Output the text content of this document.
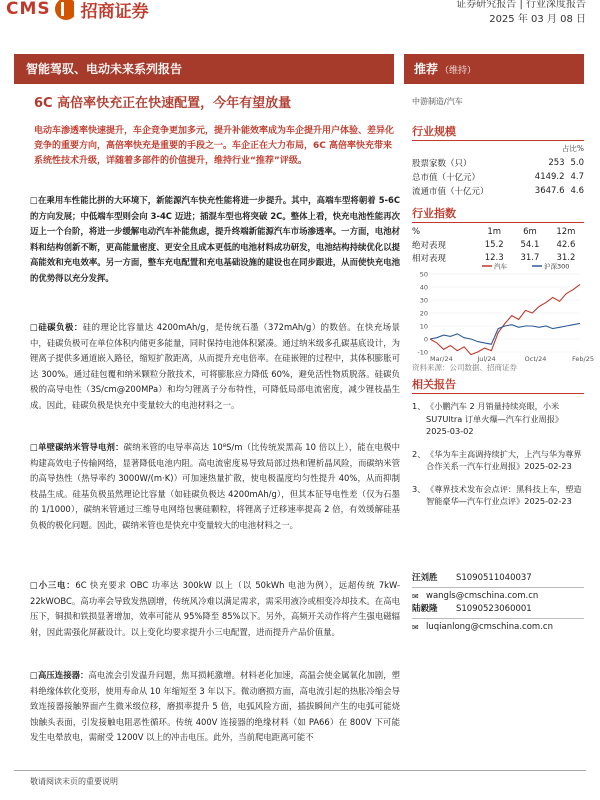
CMS 招商证券	证券研究报告 | 行业深度报告
2025 年 03 月 08 日
智能驾驭、电动未来系列报告	推荐 （维持）
中游制造/汽车
6C 高倍率快充正在快速配置，今年有望放量
电动车渗透率快速提升，车企竞争更加多元，提升补能效率成为车企提升用户体验、差异化竞争的重要方向，高倍率快充是重要的手段之一。车企正在大力布局，6C 高倍率快充带来系统性技术升级，详随着多部件的价值提升，维持行业“推荐”评级。
□在乘用车性能比拼的大环境下，新能源汽车快充性能将进一步提升。其中，高端车型将朝着 5-6C 的方向发展；中低端车型则会向 3-4C 迈进；插混车型也将突破 2C。整体上看，快充电池性能再次迈上一个台阶，将进一步缓解电动汽车补能焦虑，提升终端新能源汽车市场渗透率。一方面，电池材料和结构创新不断，更高能量密度、更安全且成本更低的电池材料成功研发，电池结构持续优化以提高能效和充电效率。另一方面，整车充电配置和充电基础设施的建设也在同步跟进，从而使快充电池的优势得以充分发挥。
□硅碳负极：硅的理论比容量达 4200mAh/g，是传统石墨（372mAh/g）的数倍。在快充场景中，硅碳负极可在单位体积内储更多能量，同时保持电池体积紧凑。通过纳米级多孔碳基底设计，为锂离子提供多通道嵌入路径，缩短扩散距离，从而提升充电倍率。在硅嵌锂的过程中，其体积膨胀可达 300%。通过硅包覆和纳米颗粒分散技术，可将膨胀应力降低 60%，避免活性物质脱落。硅碳负极的高导电性（3S/cm@200MPa）和均匀锂离子分布特性，可降低局部电流密度，减少锂枝晶生成。因此，硅碳负极是快充中变量较大的电池材料之一。
□单壁碳纳米管导电剂：碳纳米管的电导率高达 10⁸S/m（比传统炭黑高 10 倍以上），能在电极中构建高效电子传输网络，显著降低电池内阻。高电流密度易导致局部过热和锂析晶风险，而碳纳米管的高导热性（热导率约 3000W/(m·K)）可加速热量扩散，使电极温度均匀性提升 40%，从而抑制枝晶生成。硅基负极虽然理论比容量（如硅碳负极达 4200mAh/g），但其本征导电性差（仅为石墨的 1/1000），碳纳米管通过三维导电网络包裹硅颗粒，将锂离子迁移速率提高 2 倍，有效缓解硅基负极的极化问题。因此，碳纳米管也是快充中变量较大的电池材料之一。
□小三电：6C 快充要求 OBC 功率达 300kW 以上（以 50kWh 电池为例），远超传统 7kW-22kWOBC。高功率会导致发热剧增，传统风冷难以满足需求，需采用液冷或相变冷却技术。在高电压下，铜损和铁损显著增加，效率可能从 95%降至 85%以下。另外，高频开关动作将产生强电磁辐射，因此需强化屏蔽设计。以上变化均要求提升小三电配置，进而提升产品价值量。
□高压连接器：高电流会引发温升问题，焦耳损耗激增。材料老化加速，高温会使金属氧化加剧，塑料绝缘体软化变形，使用寿命从 10 年缩短至 3 年以下。微动磨损方面，高电流引起的热胀冷缩会导致连接器接触界面产生微米级位移，磨损率提升 5 倍，电弧风险方面，插拔瞬间产生的电弧可能烧蚀触头表面，引发接触电阻恶性循环。传统 400V 连接器的绝缘材料（如 PA66）在 800V 下可能发生电晕放电，需耐受 1200V 以上的冲击电压。此外，当前爬电距离可能不
行业规模
占比%
股票家数（只）	253	5.0
总市值（十亿元）	4149.2	4.7
流通市值（十亿元）	3647.6	4.6
行业指数
%	1m	6m	12m
绝对表现	15.2	54.1	42.6
相对表现	12.3	31.7	31.2
-10
0
10
20
30
40
50
Mar/24	Jul/24	Oct/24	Feb/25
汽车	沪深300
资料来源：公司数据、招商证券
相关报告
1、 《小鹏汽车 2 月销量持续亮眼，小米 SU7Ultra 订单火爆—汽车行业周报》2025-03-02
2、 《华为车主高调持续扩大，上汽与华为尊界合作关系一汽车行业周报》2025-02-23
3、 《尊界技术发布会点评：黑科技上车，塑造智能豪华—汽车行业点评》2025-02-23
汪刘胜	S1090511040037
✉ wangls@cmschina.com.cn
陆毅隆	S1090523060001
✉ luqianlong@cmschina.com.cn
敬请阅读末页的重要说明
